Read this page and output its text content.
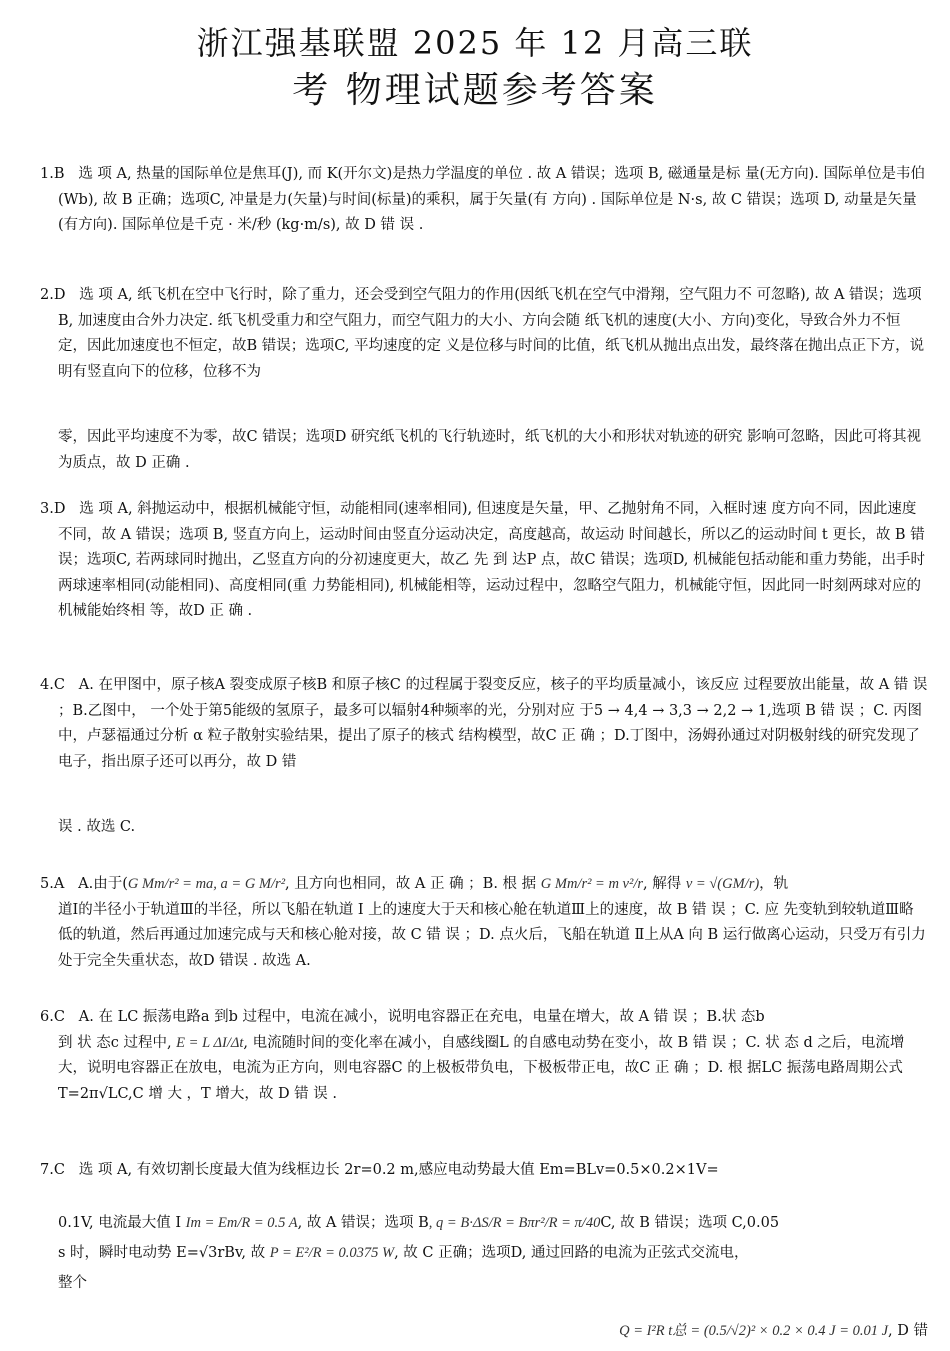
浙江强基联盟 2025 年 12 月高三联
考 物理试题参考答案
1.B 选 项 A, 热量的国际单位是焦耳(J), 而 K(开尔文)是热力学温度的单位 . 故 A 错误；选项 B, 磁通量是标 量(无方向). 国际单位是韦伯(Wb), 故 B 正确；选项C, 冲量是力(矢量)与时间(标量)的乘积，属于矢量(有 方向) . 国际单位是 N·s, 故 C 错误；选项 D, 动量是矢量(有方向). 国际单位是千克 · 米/秒 (kg·m/s), 故 D 错 误 .
2.D 选 项 A, 纸飞机在空中飞行时，除了重力，还会受到空气阻力的作用(因纸飞机在空气中滑翔，空气阻力不 可忽略), 故 A 错误；选项 B, 加速度由合外力决定. 纸飞机受重力和空气阻力，而空气阻力的大小、方向会随 纸飞机的速度(大小、方向)变化，导致合外力不恒定，因此加速度也不恒定，故B 错误；选项C, 平均速度的定 义是位移与时间的比值，纸飞机从抛出点出发，最终落在抛出点正下方，说明有竖直向下的位移，位移不为
零，因此平均速度不为零，故C 错误；选项D 研究纸飞机的飞行轨迹时，纸飞机的大小和形状对轨迹的研究 影响可忽略，因此可将其视为质点，故 D 正确 .
3.D 选 项 A, 斜抛运动中，根据机械能守恒，动能相同(速率相同), 但速度是矢量，甲、乙抛射角不同，入框时速 度方向不同，因此速度不同，故 A 错误；选项 B, 竖直方向上，运动时间由竖直分运动决定，高度越高，故运动 时间越长，所以乙的运动时间 t 更长，故 B 错误；选项C, 若两球同时抛出，乙竖直方向的分初速度更大，故乙 先 到 达P 点，故C 错误；选项D, 机械能包括动能和重力势能，出手时两球速率相同(动能相同)、高度相同(重 力势能相同), 机械能相等，运动过程中，忽略空气阻力，机械能守恒，因此同一时刻两球对应的机械能始终相 等，故D 正 确 .
4.C A. 在甲图中，原子核A 裂变成原子核B 和原子核C 的过程属于裂变反应，核子的平均质量减小，该反应 过程要放出能量，故 A 错 误 ；B.乙图中， 一个处于第5能级的氢原子，最多可以辐射4种频率的光，分别对应 于5 → 4,4 → 3,3 → 2,2 → 1,选项 B 错 误 ；C. 丙图中，卢瑟福通过分析 α 粒子散射实验结果，提出了原子的核式 结构模型，故C 正 确 ；D.丁图中，汤姆孙通过对阴极射线的研究发现了电子，指出原子还可以再分，故 D 错
误 . 故选 C.
5.A A.由于(G Mm/r² = ma, a = G M/r², 且方向也相同，故 A 正 确 ；B. 根 据 G Mm/r² = m v²/r, 解得 v = √(GM/r)，轨
道Ⅰ的半径小于轨道Ⅲ的半径，所以飞船在轨道 Ⅰ 上的速度大于天和核心舱在轨道Ⅲ上的速度，故 B 错 误 ；C. 应 先变轨到较轨道Ⅲ略低的轨道，然后再通过加速完成与天和核心舱对接，故 C 错 误 ；D. 点火后，飞船在轨道 Ⅱ上从A 向 B 运行做离心运动，只受万有引力处于完全失重状态，故D 错误 . 故选 A.
6.C A. 在 LC 振荡电路a 到b 过程中，电流在减小，说明电容器正在充电，电量在增大，故 A 错 误 ；B.状 态b
到 状 态c 过程中, E = L ΔI/Δt, 电流随时间的变化率在减小，自感线圈L 的自感电动势在变小，故 B 错 误 ；C. 状 态 d 之后，电流增大，说明电容器正在放电，电流为正方向，则电容器C 的上极板带负电，下极板带正电，故C 正 确 ；D. 根 据LC 振荡电路周期公式 T=2π√LC,C 增 大 ，T 增大，故 D 错 误 .
7.C 选 项 A, 有效切割长度最大值为线框边长 2r=0.2 m,感应电动势最大值 Em=BLv=0.5×0.2×1V=
0.1V, 电流最大值 I Im = Em/R = 0.5 A, 故 A 错误；选项 B, q = B·ΔS/R = Bπr²/R = π/40C, 故 B 错误；选项 C,0.05
s 时，瞬时电动势 E=√3rBv, 故 P = E²/R = 0.0375 W, 故 C 正确；选项D, 通过回路的电流为正弦式交流电，
整个
Q = I²R t总 = (0.5/√2)² × 0.2 × 0.4 J = 0.01 J, D 错
